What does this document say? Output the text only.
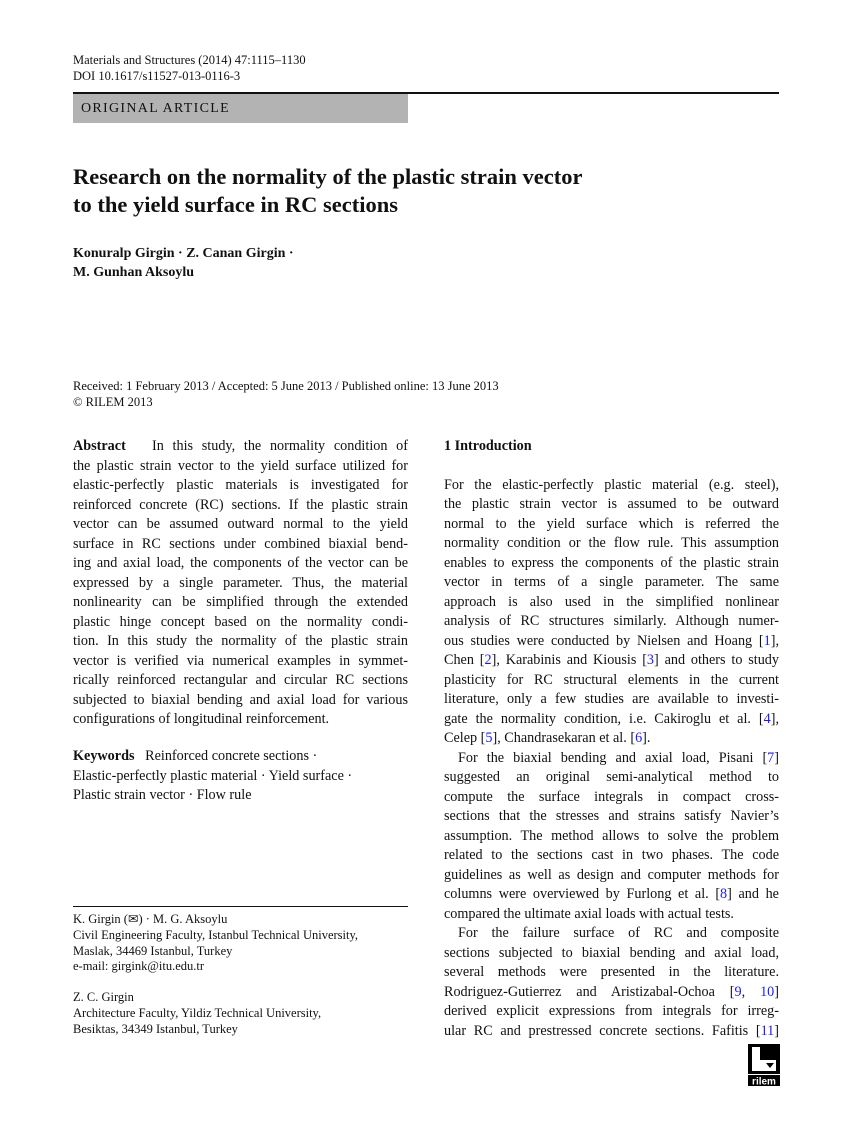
Materials and Structures (2014) 47:1115–1130
DOI 10.1617/s11527-013-0116-3
ORIGINAL ARTICLE
Research on the normality of the plastic strain vector
to the yield surface in RC sections
Konuralp Girgin · Z. Canan Girgin ·
M. Gunhan Aksoylu
Received: 1 February 2013 / Accepted: 5 June 2013 / Published online: 13 June 2013
© RILEM 2013
Abstract In this study, the normality condition of
the plastic strain vector to the yield surface utilized for
elastic-perfectly plastic materials is investigated for
reinforced concrete (RC) sections. If the plastic strain
vector can be assumed outward normal to the yield
surface in RC sections under combined biaxial bend-
ing and axial load, the components of the vector can be
expressed by a single parameter. Thus, the material
nonlinearity can be simplified through the extended
plastic hinge concept based on the normality condi-
tion. In this study the normality of the plastic strain
vector is verified via numerical examples in symmet-
rically reinforced rectangular and circular RC sections
subjected to biaxial bending and axial load for various
configurations of longitudinal reinforcement.
Keywords Reinforced concrete sections ·
Elastic-perfectly plastic material · Yield surface ·
Plastic strain vector · Flow rule
K. Girgin (✉) · M. G. Aksoylu
Civil Engineering Faculty, Istanbul Technical University,
Maslak, 34469 Istanbul, Turkey
e-mail: girgink@itu.edu.tr
Z. C. Girgin
Architecture Faculty, Yildiz Technical University,
Besiktas, 34349 Istanbul, Turkey
1 Introduction
For the elastic-perfectly plastic material (e.g. steel),
the plastic strain vector is assumed to be outward
normal to the yield surface which is referred the
normality condition or the flow rule. This assumption
enables to express the components of the plastic strain
vector in terms of a single parameter. The same
approach is also used in the simplified nonlinear
analysis of RC structures similarly. Although numer-
ous studies were conducted by Nielsen and Hoang [1],
Chen [2], Karabinis and Kiousis [3] and others to study
plasticity for RC structural elements in the current
literature, only a few studies are available to investi-
gate the normality condition, i.e. Cakiroglu et al. [4],
Celep [5], Chandrasekaran et al. [6].
For the biaxial bending and axial load, Pisani [7]
suggested an original semi-analytical method to
compute the surface integrals in compact cross-
sections that the stresses and strains satisfy Navier’s
assumption. The method allows to solve the problem
related to the sections cast in two phases. The code
guidelines as well as design and computer methods for
columns were overviewed by Furlong et al. [8] and he
compared the ultimate axial loads with actual tests.
For the failure surface of RC and composite
sections subjected to biaxial bending and axial load,
several methods were presented in the literature.
Rodriguez-Gutierrez and Aristizabal-Ochoa [9, 10]
derived explicit expressions from integrals for irreg-
ular RC and prestressed concrete sections. Fafitis [11]
rilem
